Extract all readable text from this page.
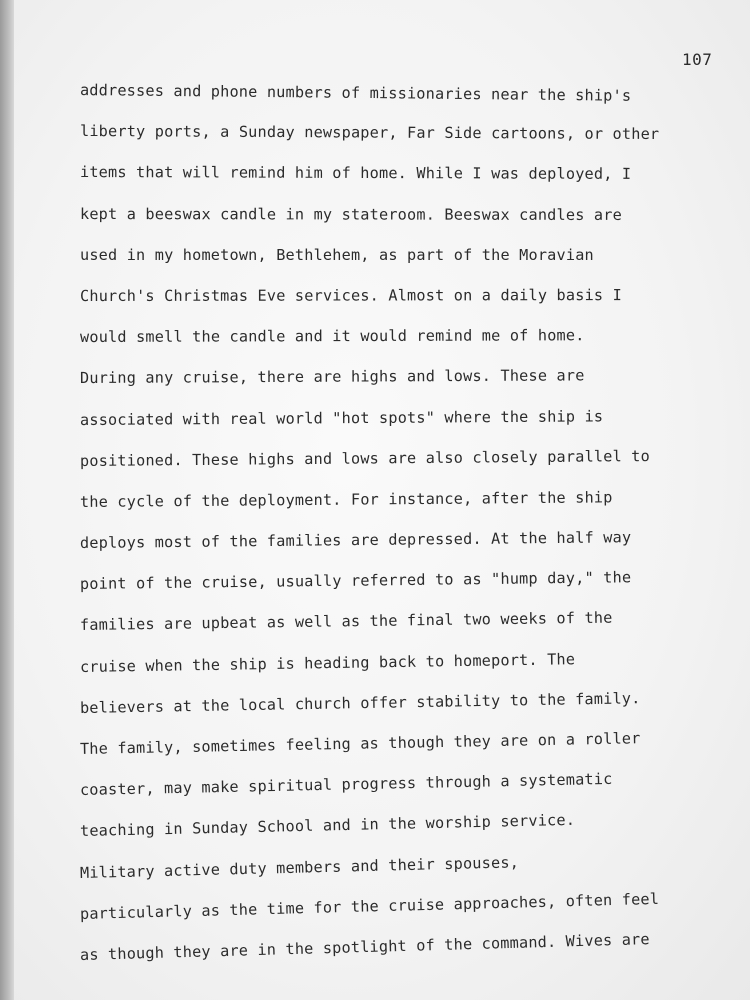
107
addresses and phone numbers of missionaries near the ship's
liberty ports, a Sunday newspaper, Far Side cartoons, or other
items that will remind him of home. While I was deployed, I
kept a beeswax candle in my stateroom. Beeswax candles are
used in my hometown, Bethlehem, as part of the Moravian
Church's Christmas Eve services. Almost on a daily basis I
would smell the candle and it would remind me of home.
During any cruise, there are highs and lows. These are
associated with real world "hot spots" where the ship is
positioned. These highs and lows are also closely parallel to
the cycle of the deployment. For instance, after the ship
deploys most of the families are depressed. At the half way
point of the cruise, usually referred to as "hump day," the
families are upbeat as well as the final two weeks of the
cruise when the ship is heading back to homeport. The
believers at the local church offer stability to the family.
The family, sometimes feeling as though they are on a roller
coaster, may make spiritual progress through a systematic
teaching in Sunday School and in the worship service.
Military active duty members and their spouses,
particularly as the time for the cruise approaches, often feel
as though they are in the spotlight of the command. Wives are
